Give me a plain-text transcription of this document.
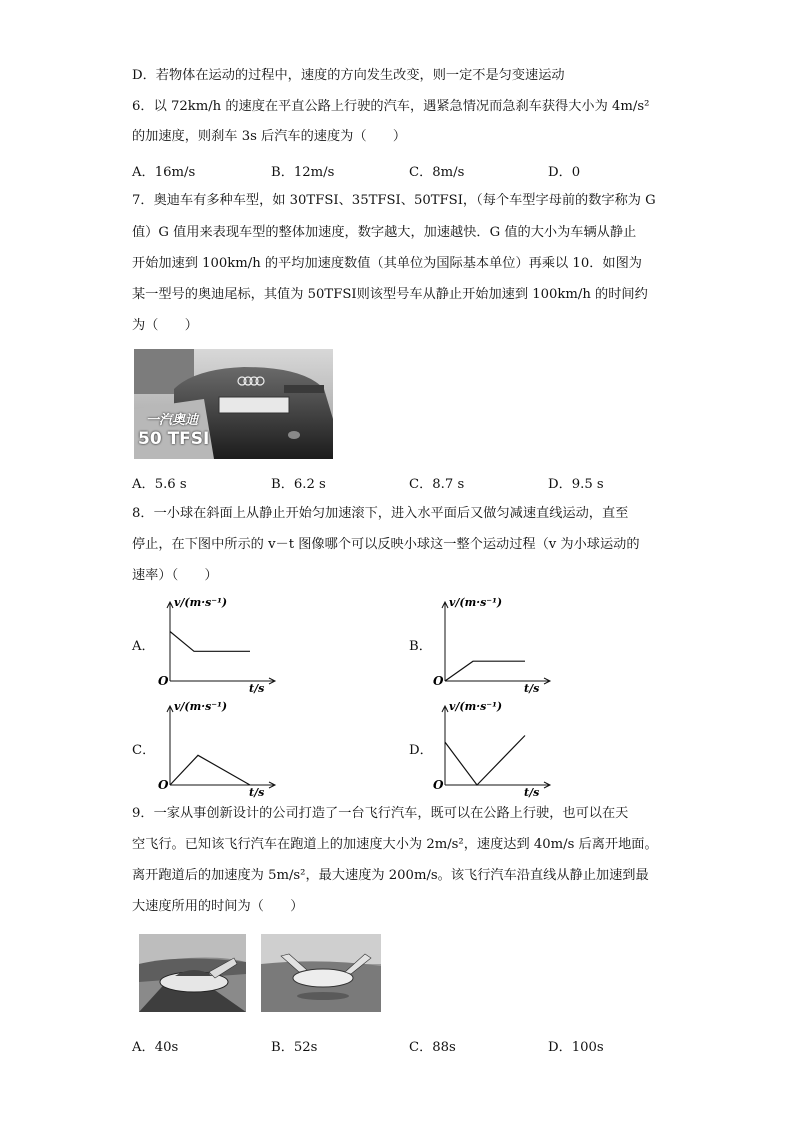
D．若物体在运动的过程中，速度的方向发生改变，则一定不是匀变速运动
6．以 72km/h 的速度在平直公路上行驶的汽车，遇紧急情况而急刹车获得大小为 4m/s²
的加速度，则刹车 3s 后汽车的速度为（　　）
A．16m/s	B．12m/s	C．8m/s	D．0
7．奥迪车有多种车型，如 30TFSI、35TFSI、50TFSI，（每个车型字母前的数字称为 G
值）G 值用来表现车型的整体加速度，数字越大，加速越快．G 值的大小为车辆从静止
开始加速到 100km/h 的平均加速度数值（其单位为国际基本单位）再乘以 10．如图为
某一型号的奥迪尾标，其值为 50TFSI则该型号车从静止开始加速到 100km/h 的时间约
为（　　）
一汽奥迪
50 TFSI
A．5.6 s	B．6.2 s	C．8.7 s	D．9.5 s
8．一小球在斜面上从静止开始匀加速滚下，进入水平面后又做匀减速直线运动，直至
停止，在下图中所示的 v－t 图像哪个可以反映小球这一整个运动过程（v 为小球运动的
速率）（　　）
A．
v/(m·s⁻¹)
t/s
O
B．
v/(m·s⁻¹)
t/s
O
C．
v/(m·s⁻¹)
t/s
O
D．
v/(m·s⁻¹)
t/s
O
9．一家从事创新设计的公司打造了一台飞行汽车，既可以在公路上行驶，也可以在天
空飞行。已知该飞行汽车在跑道上的加速度大小为 2m/s²，速度达到 40m/s 后离开地面。
离开跑道后的加速度为 5m/s²，最大速度为 200m/s。该飞行汽车沿直线从静止加速到最
大速度所用的时间为（　　）
A．40s	B．52s	C．88s	D．100s
